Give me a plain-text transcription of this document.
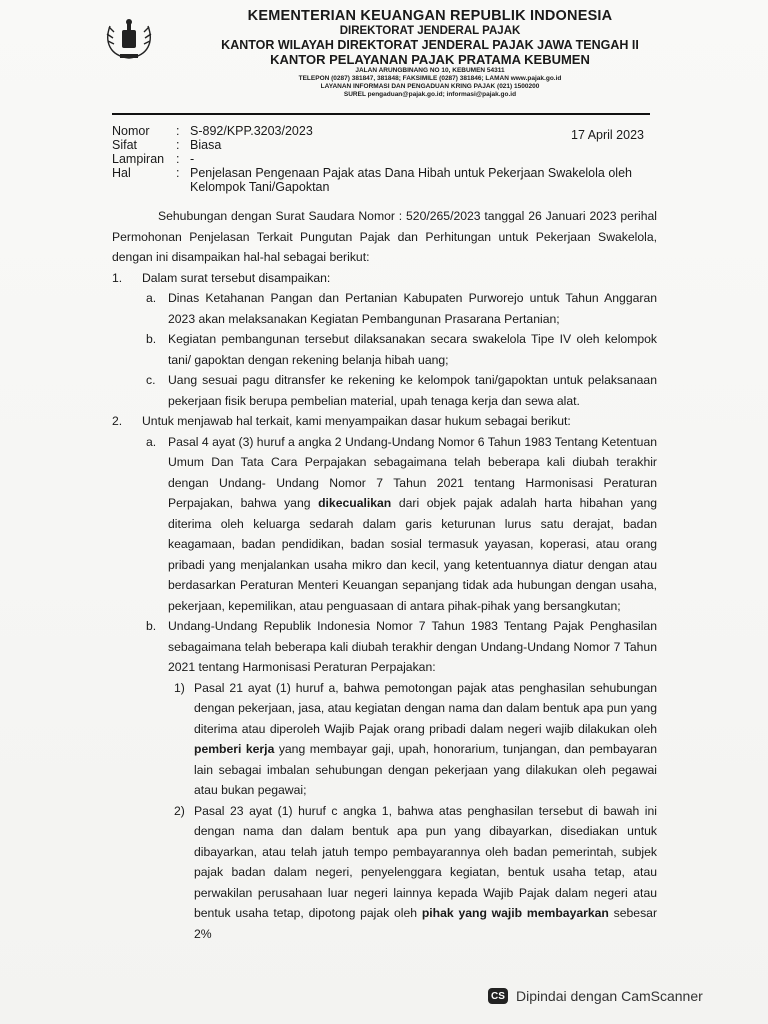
KEMENTERIAN KEUANGAN REPUBLIK INDONESIA
DIREKTORAT JENDERAL PAJAK
KANTOR WILAYAH DIREKTORAT JENDERAL PAJAK JAWA TENGAH II
KANTOR PELAYANAN PAJAK PRATAMA KEBUMEN
JALAN ARUNGBINANG NO 10, KEBUMEN 54311
TELEPON (0287) 381847, 381848; FAKSIMILE (0287) 381846; LAMAN www.pajak.go.id
LAYANAN INFORMASI DAN PENGADUAN KRING PAJAK (021) 1500200
SUREL pengaduan@pajak.go.id; informasi@pajak.go.id
17 April 2023
Nomor	: S-892/KPP.3203/2023
Sifat	: Biasa
Lampiran : -
Hal	: Penjelasan Pengenaan Pajak atas Dana Hibah untuk Pekerjaan Swakelola oleh Kelompok Tani/Gapoktan
Sehubungan dengan Surat Saudara Nomor : 520/265/2023 tanggal 26 Januari 2023 perihal Permohonan Penjelasan Terkait Pungutan Pajak dan Perhitungan untuk Pekerjaan Swakelola, dengan ini disampaikan hal-hal sebagai berikut:
1.	Dalam surat tersebut disampaikan:
a. Dinas Ketahanan Pangan dan Pertanian Kabupaten Purworejo untuk Tahun Anggaran 2023 akan melaksanakan Kegiatan Pembangunan Prasarana Pertanian;
b. Kegiatan pembangunan tersebut dilaksanakan secara swakelola Tipe IV oleh kelompok tani/ gapoktan dengan rekening belanja hibah uang;
c.	Uang sesuai pagu ditransfer ke rekening ke kelompok tani/gapoktan untuk pelaksanaan pekerjaan fisik berupa pembelian material, upah tenaga kerja dan sewa alat.
2.	Untuk menjawab hal terkait, kami menyampaikan dasar hukum sebagai berikut:
a. Pasal 4 ayat (3) huruf a angka 2 Undang-Undang Nomor 6 Tahun 1983 Tentang Ketentuan Umum Dan Tata Cara Perpajakan sebagaimana telah beberapa kali diubah terakhir dengan Undang- Undang Nomor 7 Tahun 2021 tentang Harmonisasi Peraturan Perpajakan, bahwa yang dikecualikan dari objek pajak adalah harta hibahan yang diterima oleh keluarga sedarah dalam garis keturunan lurus satu derajat, badan keagamaan, badan pendidikan, badan sosial termasuk yayasan, koperasi, atau orang pribadi yang menjalankan usaha mikro dan kecil, yang ketentuannya diatur dengan atau berdasarkan Peraturan Menteri Keuangan sepanjang tidak ada hubungan dengan usaha, pekerjaan, kepemilikan, atau penguasaan di antara pihak-pihak yang bersangkutan;
b. Undang-Undang Republik Indonesia Nomor 7 Tahun 1983 Tentang Pajak Penghasilan sebagaimana telah beberapa kali diubah terakhir dengan Undang-Undang Nomor 7 Tahun 2021 tentang Harmonisasi Peraturan Perpajakan:
1) Pasal 21 ayat (1) huruf a, bahwa pemotongan pajak atas penghasilan sehubungan dengan pekerjaan, jasa, atau kegiatan dengan nama dan dalam bentuk apa pun yang diterima atau diperoleh Wajib Pajak orang pribadi dalam negeri wajib dilakukan oleh pemberi kerja yang membayar gaji, upah, honorarium, tunjangan, dan pembayaran lain sebagai imbalan sehubungan dengan pekerjaan yang dilakukan oleh pegawai atau bukan pegawai;
2) Pasal 23 ayat (1) huruf c angka 1, bahwa atas penghasilan tersebut di bawah ini dengan nama dan dalam bentuk apa pun yang dibayarkan, disediakan untuk dibayarkan, atau telah jatuh tempo pembayarannya oleh badan pemerintah, subjek pajak badan dalam negeri, penyelenggara kegiatan, bentuk usaha tetap, atau perwakilan perusahaan luar negeri lainnya kepada Wajib Pajak dalam negeri atau bentuk usaha tetap, dipotong pajak oleh pihak yang wajib membayarkan sebesar 2%
CS Dipindai dengan CamScanner
